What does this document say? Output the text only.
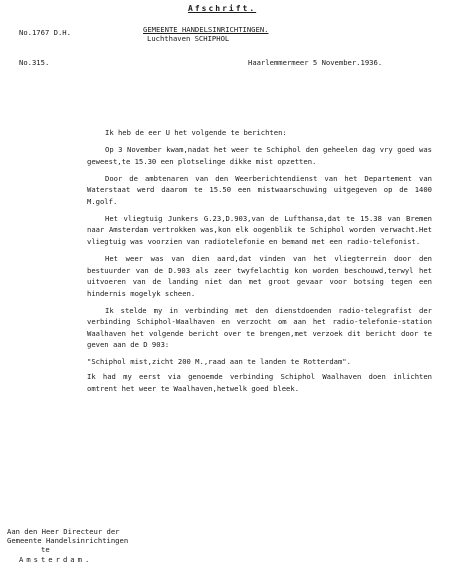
Afschrift.
No.1767 D.H.	GEMEENTE HANDELSINRICHTINGEN.
Luchthaven SCHIPHOL
No.315.	Haarlemmermeer 5 November.1936.

Ik heb de eer U het volgende te berichten:

Op 3 November kwam,nadat het weer te Schiphol den geheelen dag vry goed was geweest,te 15.30 een plotselinge dikke mist opzetten.

Door de ambtenaren van den Weerberichtendienst van het Departement van Waterstaat werd daarom te 15.50 een mistwaarschuwing uitgegeven op de 1400 M.golf.

Het vliegtuig Junkers G.23,D.903,van de Lufthansa,dat te 15.38 van Bremen naar Amsterdam vertrokken was,kon elk oogenblik te Schiphol worden verwacht.Het vliegtuig was voorzien van radiotelefonie en bemand met een radio-telefonist.

Het weer was van dien aard,dat vinden van het vliegterrein door den bestuurder van de D.903 als zeer twyfelachtig kon worden beschouwd,terwyl het uitvoeren van de landing niet dan met groot gevaar voor botsing tegen een hindernis mogelyk scheen.

Ik stelde my in verbinding met den dienstdoenden radio-telegrafist der verbinding Schiphol-Waalhaven en verzocht om aan het radio-telefonie-station Waalhaven het volgende bericht over te brengen,met verzoek dit bericht door te geven aan de D 903:

"Schiphol mist,zicht 200 M.,raad aan te landen te Rotterdam".

Ik had my eerst via genoemde verbinding Schiphol Waalhaven doen inlichten omtrent het weer te Waalhaven,hetwelk goed bleek.

Aan den Heer Directeur der
Gemeente Handelsinrichtingen
te
Amsterdam.
